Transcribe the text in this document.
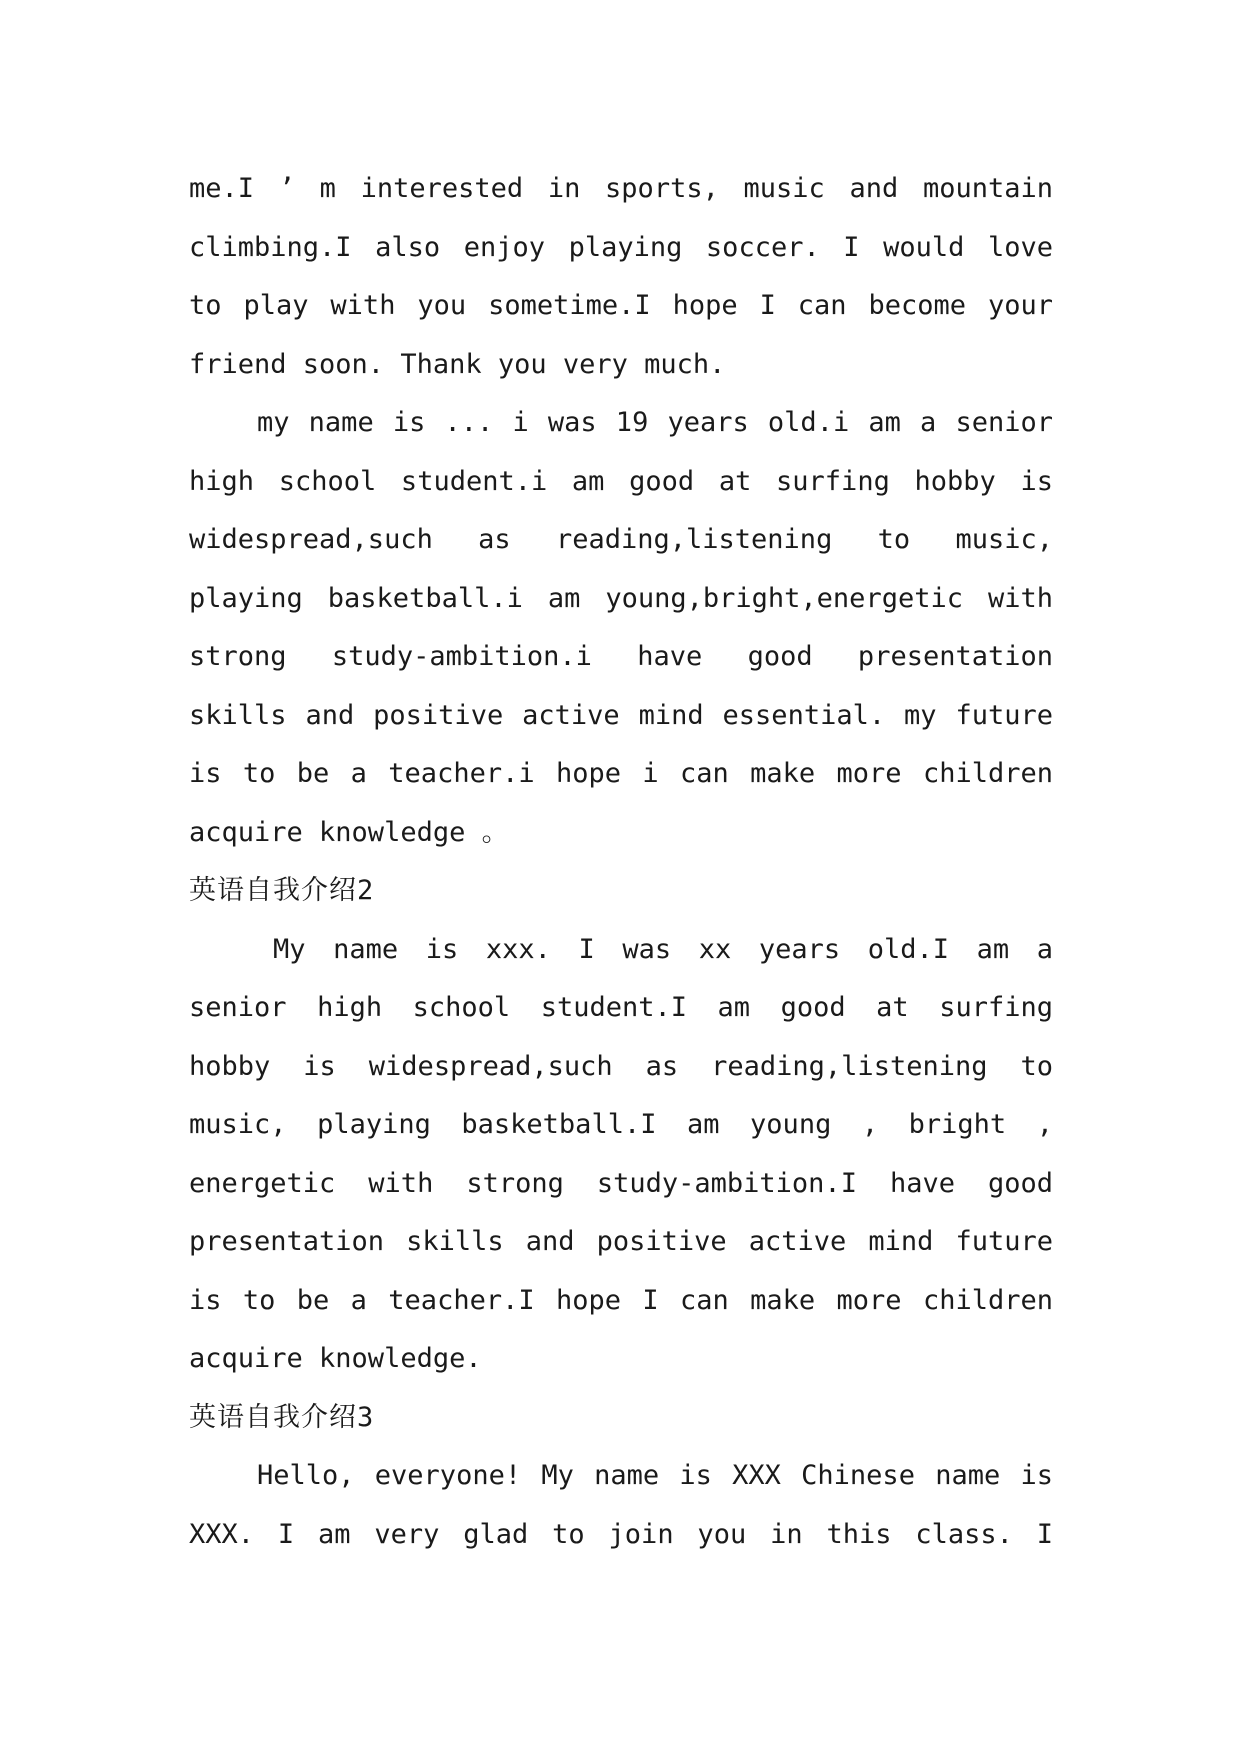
me.I ’ m interested in sports, music and mountain
climbing.I also enjoy playing soccer. I would love
to play with you sometime.I hope I can become your
friend soon. Thank you very much.
my name is ... i was 19 years old.i am a senior
high school student.i am good at surfing hobby is
widespread,such as reading,listening to music,
playing basketball.i am young,bright,energetic with
strong study-ambition.i have good presentation
skills and positive active mind essential. my future
is to be a teacher.i hope i can make more children
acquire knowledge 。
英语自我介绍2
My name is xxx. I was xx years old.I am a
senior high school student.I am good at surfing
hobby is widespread,such as reading,listening to
music, playing basketball.I am young , bright ,
energetic with strong study-ambition.I have good
presentation skills and positive active mind future
is to be a teacher.I hope I can make more children
acquire knowledge.
英语自我介绍3
Hello, everyone! My name is XXX Chinese name is
XXX. I am very glad to join you in this class. I
